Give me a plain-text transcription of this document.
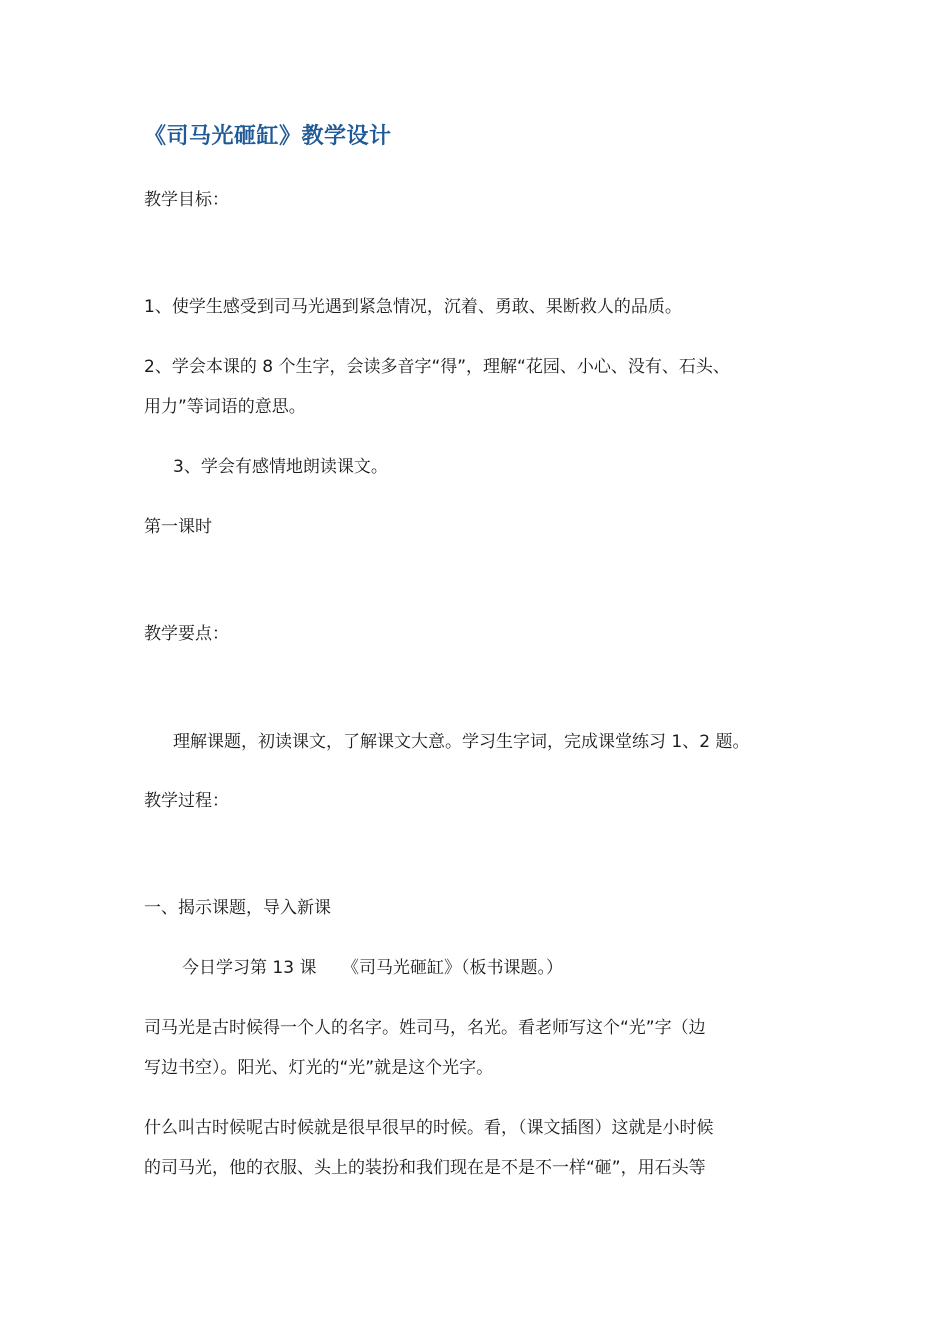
《司马光砸缸》教学设计
教学目标：
1、使学生感受到司马光遇到紧急情况，沉着、勇敢、果断救人的品质。
2、学会本课的 8 个生字，会读多音字“得”，理解“花园、小心、没有、石头、
用力”等词语的意思。
3、学会有感情地朗读课文。
第一课时
教学要点：
理解课题，初读课文，了解课文大意。学习生字词，完成课堂练习 1、2 题。
教学过程：
一、揭示课题，导入新课
今日学习第 13 课　　《司马光砸缸》（板书课题。）
司马光是古时候得一个人的名字。姓司马，名光。看老师写这个“光”字（边
写边书空）。阳光、灯光的“光”就是这个光字。
什么叫古时候呢古时候就是很早很早的时候。看，（课文插图）这就是小时候
的司马光，他的衣服、头上的装扮和我们现在是不是不一样“砸”，用石头等
